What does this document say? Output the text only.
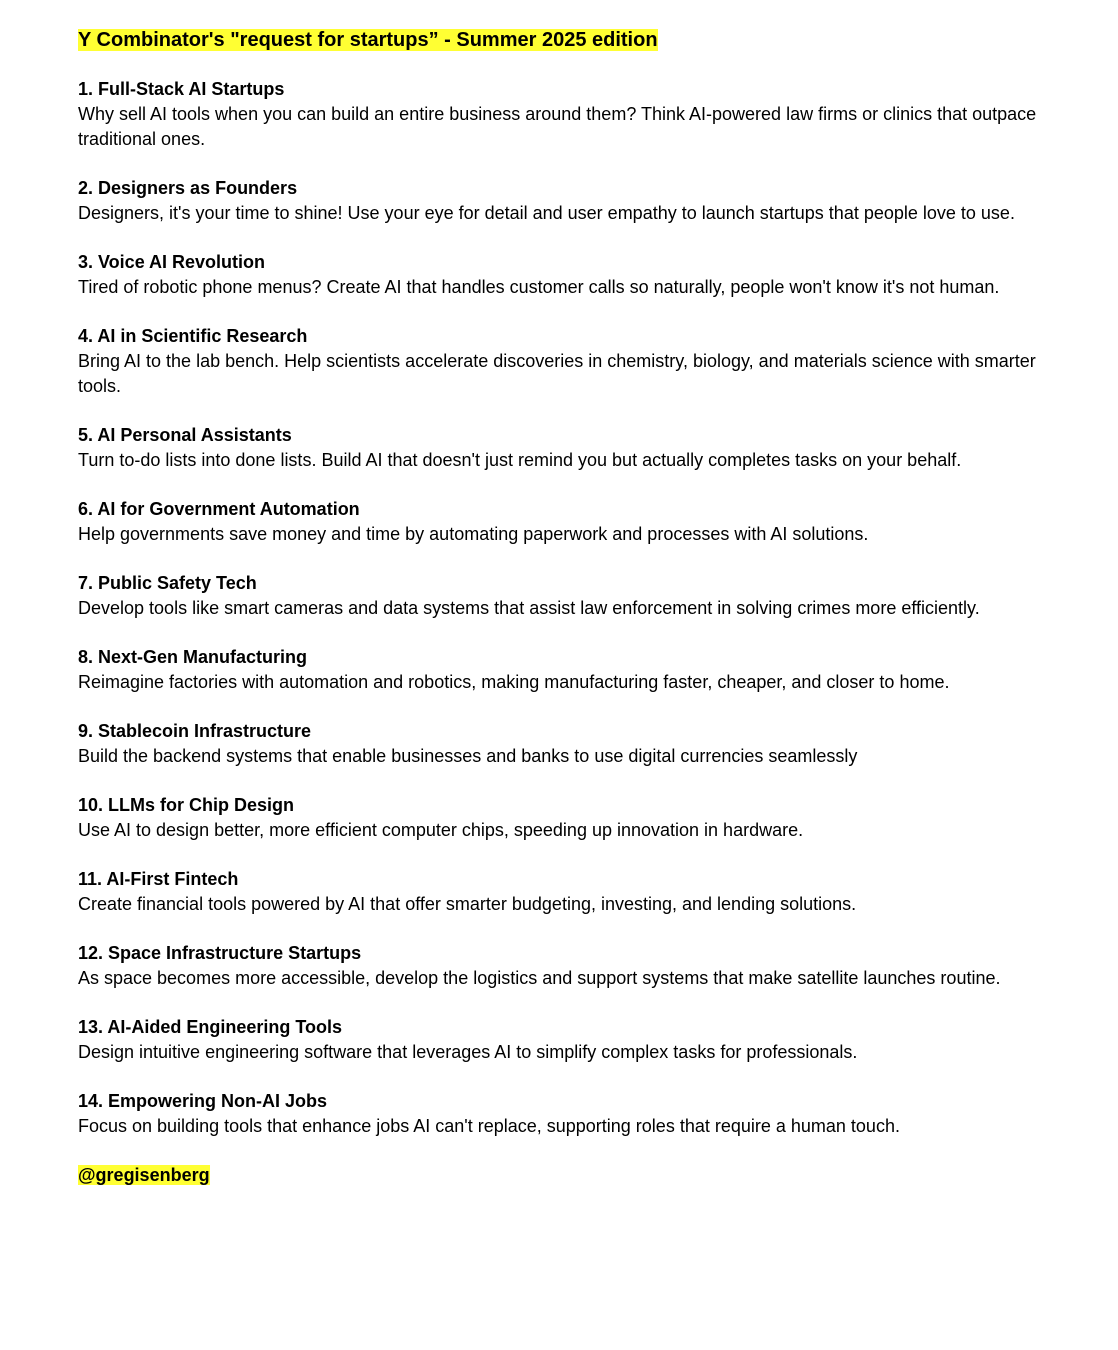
Y Combinator's "request for startups” - Summer 2025 edition
1. Full-Stack AI Startups
Why sell AI tools when you can build an entire business around them? Think AI-powered law firms or clinics that outpace traditional ones.
2. Designers as Founders
Designers, it's your time to shine! Use your eye for detail and user empathy to launch startups that people love to use.
3. Voice AI Revolution
Tired of robotic phone menus? Create AI that handles customer calls so naturally, people won't know it's not human.
4. AI in Scientific Research
Bring AI to the lab bench. Help scientists accelerate discoveries in chemistry, biology, and materials science with smarter tools.
5. AI Personal Assistants
Turn to-do lists into done lists. Build AI that doesn't just remind you but actually completes tasks on your behalf.
6. AI for Government Automation
Help governments save money and time by automating paperwork and processes with AI solutions.
7. Public Safety Tech
Develop tools like smart cameras and data systems that assist law enforcement in solving crimes more efficiently.
8. Next-Gen Manufacturing
Reimagine factories with automation and robotics, making manufacturing faster, cheaper, and closer to home.
9. Stablecoin Infrastructure
Build the backend systems that enable businesses and banks to use digital currencies seamlessly
10. LLMs for Chip Design
Use AI to design better, more efficient computer chips, speeding up innovation in hardware.
11. AI-First Fintech
Create financial tools powered by AI that offer smarter budgeting, investing, and lending solutions.
12. Space Infrastructure Startups
As space becomes more accessible, develop the logistics and support systems that make satellite launches routine.
13. AI-Aided Engineering Tools
Design intuitive engineering software that leverages AI to simplify complex tasks for professionals.
14. Empowering Non-AI Jobs
Focus on building tools that enhance jobs AI can't replace, supporting roles that require a human touch.
@gregisenberg
